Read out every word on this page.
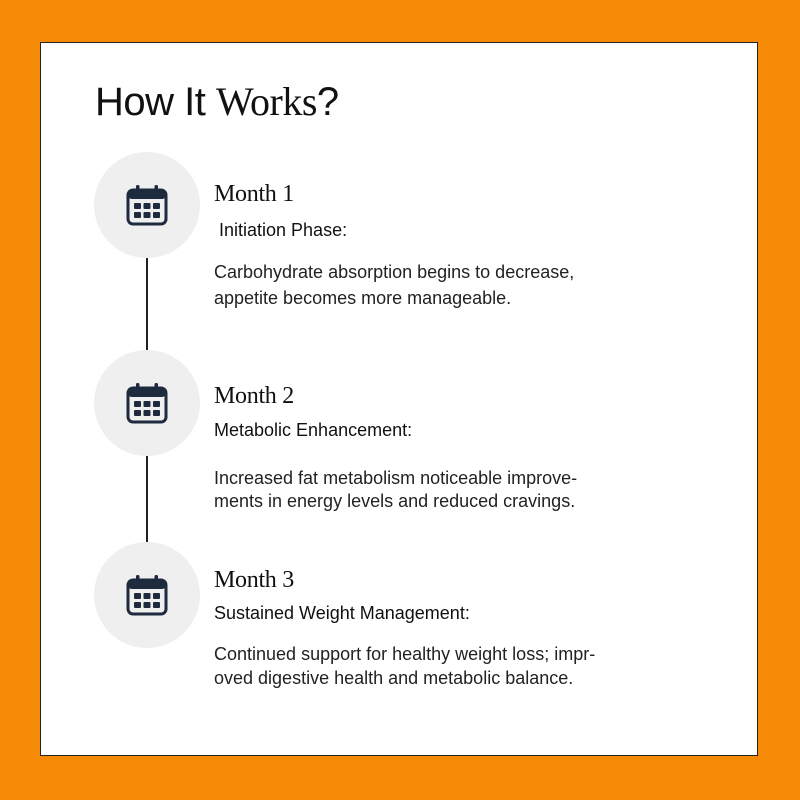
How It Works?
Month 1

Initiation Phase:

Carbohydrate absorption begins to decrease,

appetite becomes more manageable.

Month 2

Metabolic Enhancement:

Increased fat metabolism noticeable improve-

ments in energy levels and reduced cravings.

Month 3

Sustained Weight Management:

Continued support for healthy weight loss; impr-

oved digestive health and metabolic balance.
